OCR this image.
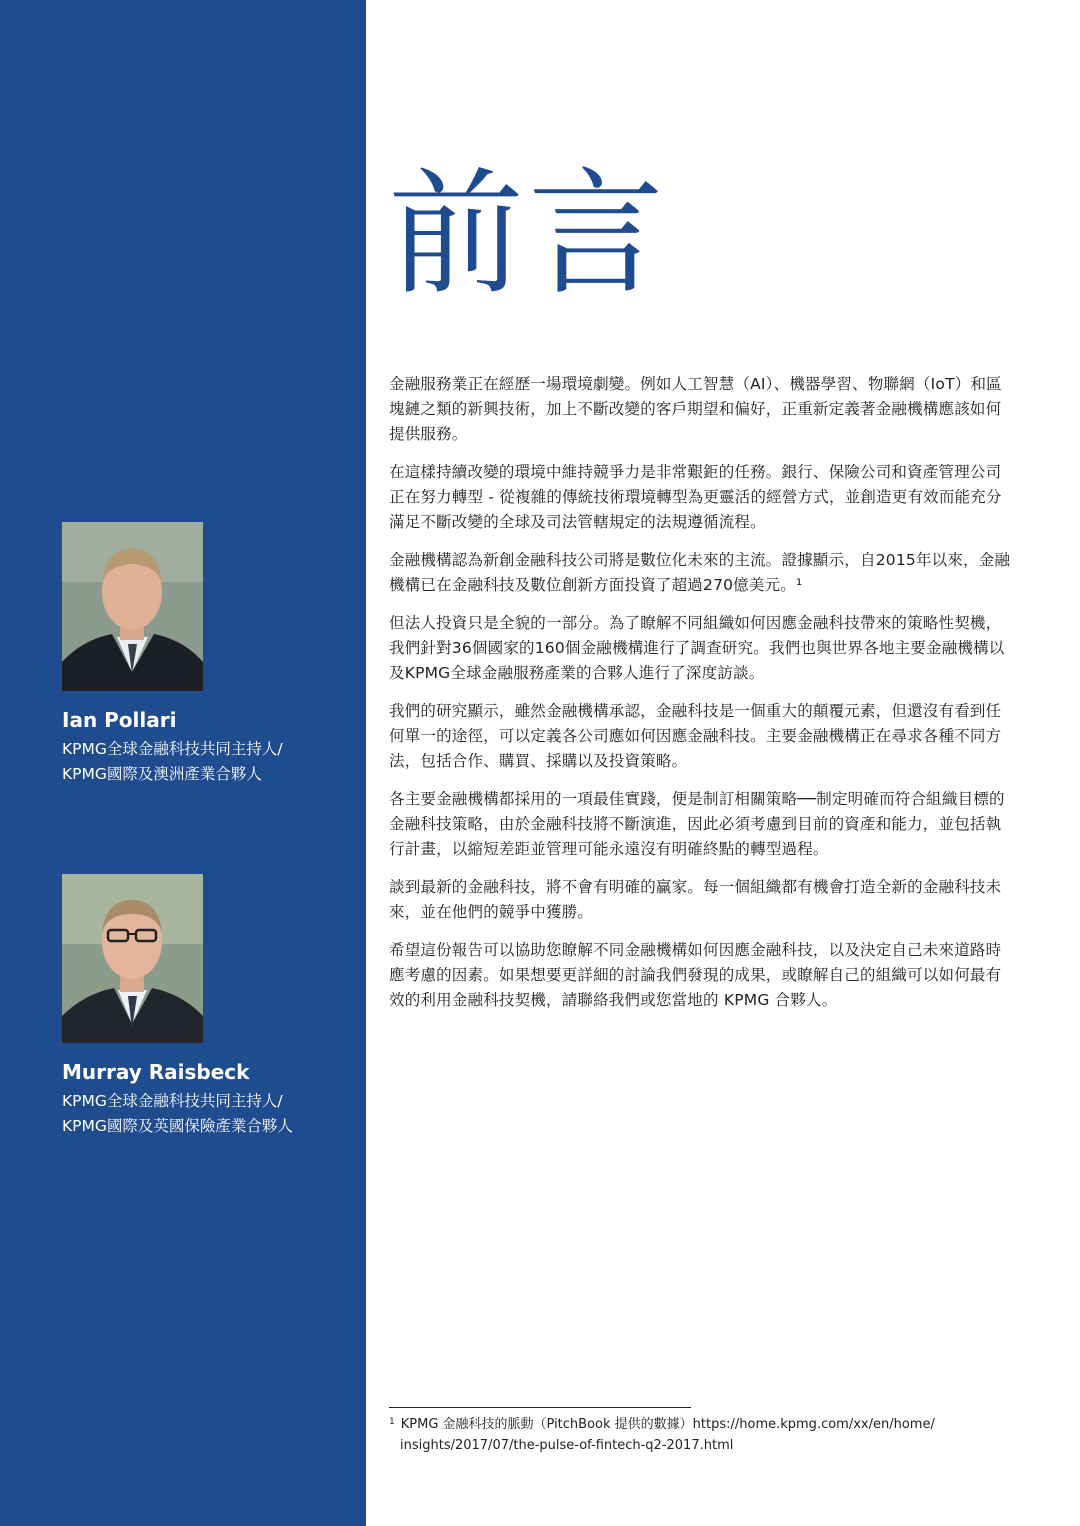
Ian Pollari
KPMG全球金融科技共同主持人/
KPMG國際及澳洲產業合夥人
Murray Raisbeck
KPMG全球金融科技共同主持人/
KPMG國際及英國保險產業合夥人
前言

金融服務業正在經歷一場環境劇變。例如人工智慧（AI）、機器學習、物聯網（IoT）和區塊鏈之類的新興技術，加上不斷改變的客戶期望和偏好，正重新定義著金融機構應該如何提供服務。

在這樣持續改變的環境中維持競爭力是非常艱鉅的任務。銀行、保險公司和資產管理公司正在努力轉型 - 從複雜的傳統技術環境轉型為更靈活的經營方式，並創造更有效而能充分滿足不斷改變的全球及司法管轄規定的法規遵循流程。

金融機構認為新創金融科技公司將是數位化未來的主流。證據顯示，自2015年以來，金融機構已在金融科技及數位創新方面投資了超過270億美元。¹

但法人投資只是全貌的一部分。為了瞭解不同組織如何因應金融科技帶來的策略性契機，我們針對36個國家的160個金融機構進行了調查研究。我們也與世界各地主要金融機構以及KPMG全球金融服務產業的合夥人進行了深度訪談。

我們的研究顯示，雖然金融機構承認，金融科技是一個重大的顛覆元素，但還沒有看到任何單一的途徑，可以定義各公司應如何因應金融科技。主要金融機構正在尋求各種不同方法，包括合作、購買、採購以及投資策略。

各主要金融機構都採用的一項最佳實踐，便是制訂相關策略──制定明確而符合組織目標的金融科技策略，由於金融科技將不斷演進，因此必須考慮到目前的資產和能力，並包括執行計畫，以縮短差距並管理可能永遠沒有明確終點的轉型過程。

談到最新的金融科技，將不會有明確的贏家。每一個組織都有機會打造全新的金融科技未來，並在他們的競爭中獲勝。

希望這份報告可以協助您瞭解不同金融機構如何因應金融科技，以及決定自己未來道路時應考慮的因素。如果想要更詳細的討論我們發現的成果，或瞭解自己的組織可以如何最有效的利用金融科技契機，請聯絡我們或您當地的 KPMG 合夥人。

$^1$ KPMG 金融科技的脈動（PitchBook 提供的數據）https://home.kpmg.com/xx/en/home/
insights/2017/07/the-pulse-of-fintech-q2-2017.html
